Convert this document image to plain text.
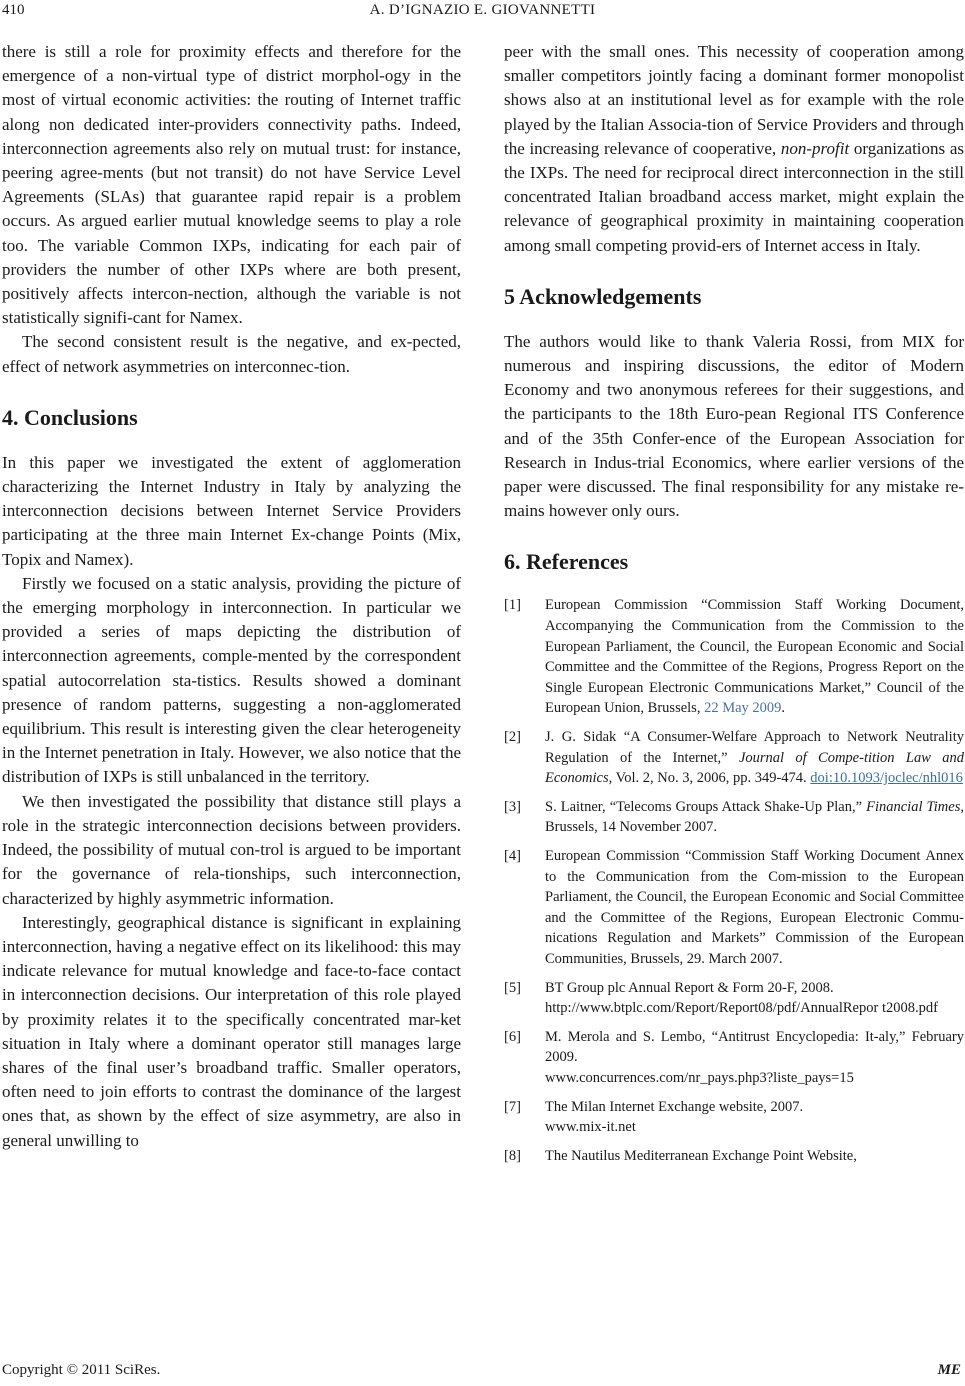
410	A. D’IGNAZIO E. GIOVANNETTI

there is still a role for proximity effects and therefore for the emergence of a non-virtual type of district morphol-ogy in the most of virtual economic activities: the routing of Internet traffic along non dedicated inter-providers connectivity paths. Indeed, interconnection agreements also rely on mutual trust: for instance, peering agree-ments (but not transit) do not have Service Level Agreements (SLAs) that guarantee rapid repair is a problem occurs. As argued earlier mutual knowledge seems to play a role too. The variable Common IXPs, indicating for each pair of providers the number of other IXPs where are both present, positively affects intercon-nection, although the variable is not statistically signifi-cant for Namex.

The second consistent result is the negative, and ex-pected, effect of network asymmetries on interconnec-tion.

4. Conclusions

In this paper we investigated the extent of agglomeration characterizing the Internet Industry in Italy by analyzing the interconnection decisions between Internet Service Providers participating at the three main Internet Ex-change Points (Mix, Topix and Namex).

Firstly we focused on a static analysis, providing the picture of the emerging morphology in interconnection. In particular we provided a series of maps depicting the distribution of interconnection agreements, comple-mented by the correspondent spatial autocorrelation sta-tistics. Results showed a dominant presence of random patterns, suggesting a non-agglomerated equilibrium. This result is interesting given the clear heterogeneity in the Internet penetration in Italy. However, we also notice that the distribution of IXPs is still unbalanced in the territory.

We then investigated the possibility that distance still plays a role in the strategic interconnection decisions between providers. Indeed, the possibility of mutual con-trol is argued to be important for the governance of rela-tionships, such interconnection, characterized by highly asymmetric information.

Interestingly, geographical distance is significant in explaining interconnection, having a negative effect on its likelihood: this may indicate relevance for mutual knowledge and face-to-face contact in interconnection decisions. Our interpretation of this role played by proximity relates it to the specifically concentrated mar-ket situation in Italy where a dominant operator still manages large shares of the final user’s broadband traffic. Smaller operators, often need to join efforts to contrast the dominance of the largest ones that, as shown by the effect of size asymmetry, are also in general unwilling to

peer with the small ones. This necessity of cooperation among smaller competitors jointly facing a dominant former monopolist shows also at an institutional level as for example with the role played by the Italian Associa-tion of Service Providers and through the increasing relevance of cooperative, non-profit organizations as the IXPs. The need for reciprocal direct interconnection in the still concentrated Italian broadband access market, might explain the relevance of geographical proximity in maintaining cooperation among small competing provid-ers of Internet access in Italy.

5 Acknowledgements

The authors would like to thank Valeria Rossi, from MIX for numerous and inspiring discussions, the editor of Modern Economy and two anonymous referees for their suggestions, and the participants to the 18th Euro-pean Regional ITS Conference and of the 35th Confer-ence of the European Association for Research in Indus-trial Economics, where earlier versions of the paper were discussed. The final responsibility for any mistake re-mains however only ours.

6. References
[1] European Commission “Commission Staff Working Document, Accompanying the Communication from the Commission to the European Parliament, the Council, the European Economic and Social Committee and the Committee of the Regions, Progress Report on the Single European Electronic Communications Market,” Council of the European Union, Brussels, 22 May 2009.
[2] J. G. Sidak “A Consumer-Welfare Approach to Network Neutrality Regulation of the Internet,” Journal of Compe-tition Law and Economics, Vol. 2, No. 3, 2006, pp. 349-474. doi:10.1093/joclec/nhl016
[3] S. Laitner, “Telecoms Groups Attack Shake-Up Plan,” Financial Times, Brussels, 14 November 2007.
[4] European Commission “Commission Staff Working Document Annex to the Communication from the Com-mission to the European Parliament, the Council, the European Economic and Social Committee and the Committee of the Regions, European Electronic Commu-nications Regulation and Markets” Commission of the European Communities, Brussels, 29. March 2007.
[5] BT Group plc Annual Report & Form 20-F, 2008.
http://www.btplc.com/Report/Report08/pdf/AnnualRepor t2008.pdf
[6] M. Merola and S. Lembo, “Antitrust Encyclopedia: It-aly,” February 2009.
www.concurrences.com/nr_pays.php3?liste_pays=15
[7] The Milan Internet Exchange website, 2007.
www.mix-it.net
[8] The Nautilus Mediterranean Exchange Point Website,
Copyright © 2011 SciRes.	ME
